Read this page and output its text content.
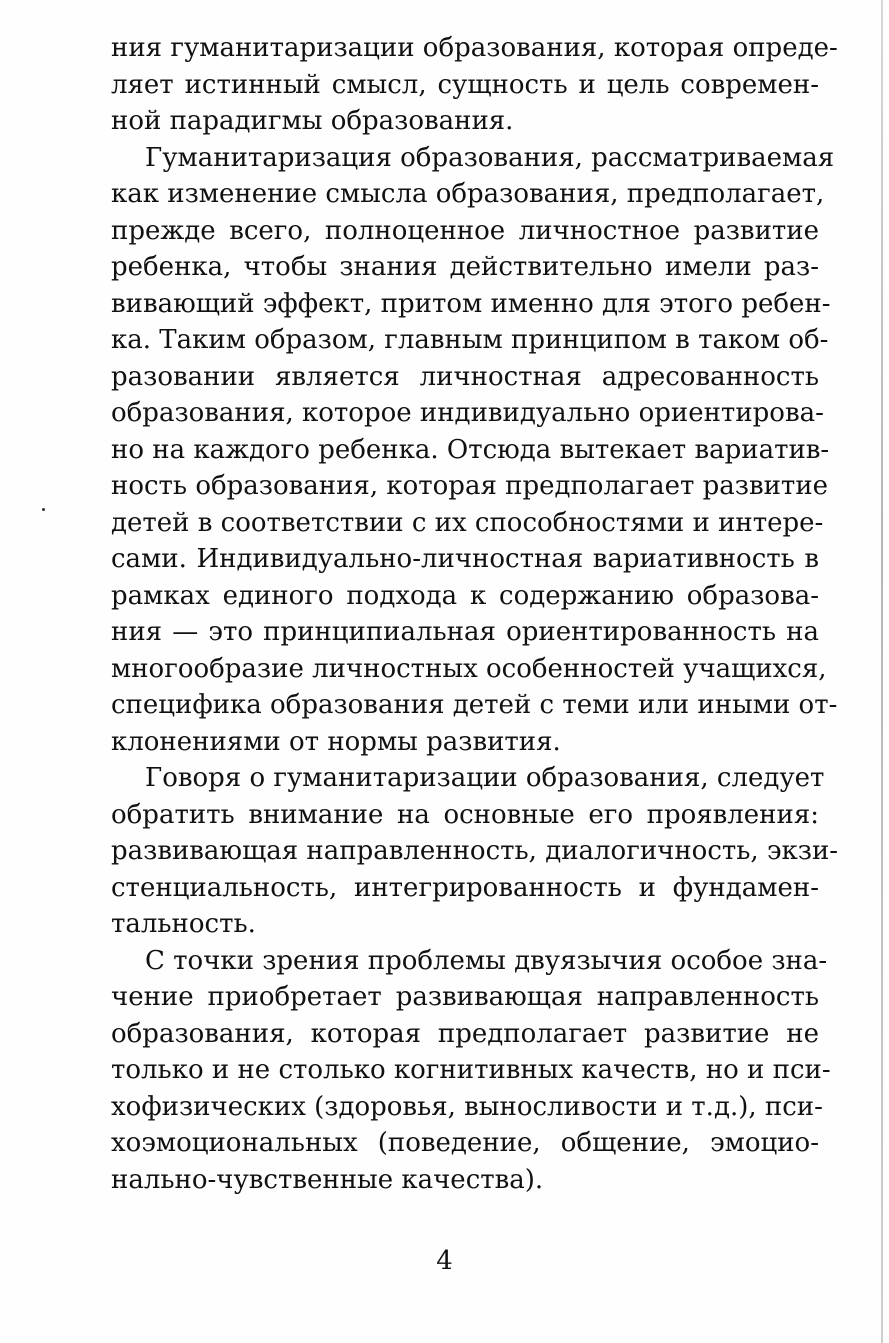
ния гуманитаризации образования, которая опреде-
ляет истинный смысл, сущность и цель современ-
ной парадигмы образования.
Гуманитаризация образования, рассматриваемая
как изменение смысла образования, предполагает,
прежде всего, полноценное личностное развитие
ребенка, чтобы знания действительно имели раз-
вивающий эффект, притом именно для этого ребен-
ка. Таким образом, главным принципом в таком об-
разовании является личностная адресованность
образования, которое индивидуально ориентирова-
но на каждого ребенка. Отсюда вытекает вариатив-
ность образования, которая предполагает развитие
детей в соответствии с их способностями и интере-
сами. Индивидуально-личностная вариативность в
рамках единого подхода к содержанию образова-
ния — это принципиальная ориентированность на
многообразие личностных особенностей учащихся,
специфика образования детей с теми или иными от-
клонениями от нормы развития.
Говоря о гуманитаризации образования, следует
обратить внимание на основные его проявления:
развивающая направленность, диалогичность, экзи-
стенциальность, интегрированность и фундамен-
тальность.
С точки зрения проблемы двуязычия особое зна-
чение приобретает развивающая направленность
образования, которая предполагает развитие не
только и не столько когнитивных качеств, но и пси-
хофизических (здоровья, выносливости и т.д.), пси-
хоэмоциональных (поведение, общение, эмоцио-
нально-чувственные качества).
4
